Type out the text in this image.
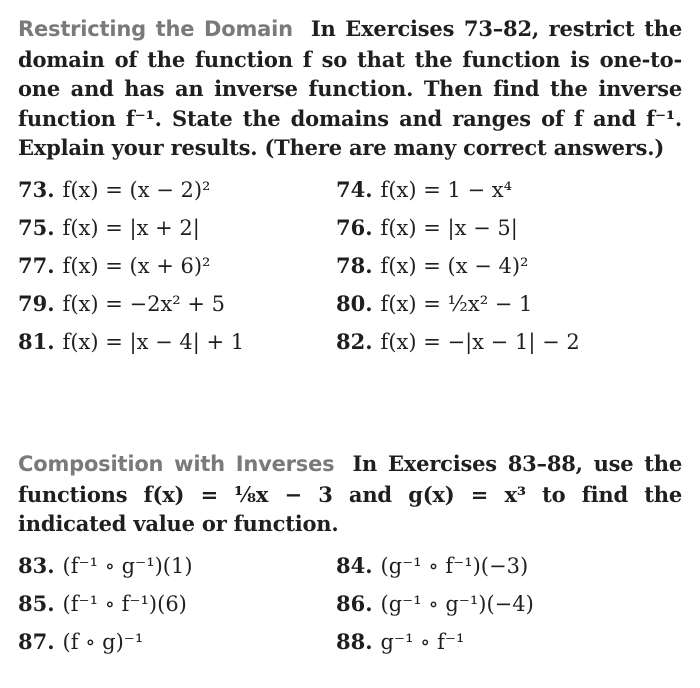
Restricting the Domain In Exercises 73–82, restrict the domain of the function f so that the function is one-to-one and has an inverse function. Then find the inverse function f⁻¹. State the domains and ranges of f and f⁻¹. Explain your results. (There are many correct answers.)

73. f(x) = (x − 2)²	74. f(x) = 1 − x⁴
75. f(x) = |x + 2|	76. f(x) = |x − 5|
77. f(x) = (x + 6)²	78. f(x) = (x − 4)²
79. f(x) = −2x² + 5	80. f(x) = ½x² − 1
81. f(x) = |x − 4| + 1	82. f(x) = −|x − 1| − 2

Composition with Inverses In Exercises 83–88, use the functions f(x) = ⅛x − 3 and g(x) = x³ to find the indicated value or function.

83. (f⁻¹ ∘ g⁻¹)(1)	84. (g⁻¹ ∘ f⁻¹)(−3)
85. (f⁻¹ ∘ f⁻¹)(6)	86. (g⁻¹ ∘ g⁻¹)(−4)
87. (f ∘ g)⁻¹	88. g⁻¹ ∘ f⁻¹
